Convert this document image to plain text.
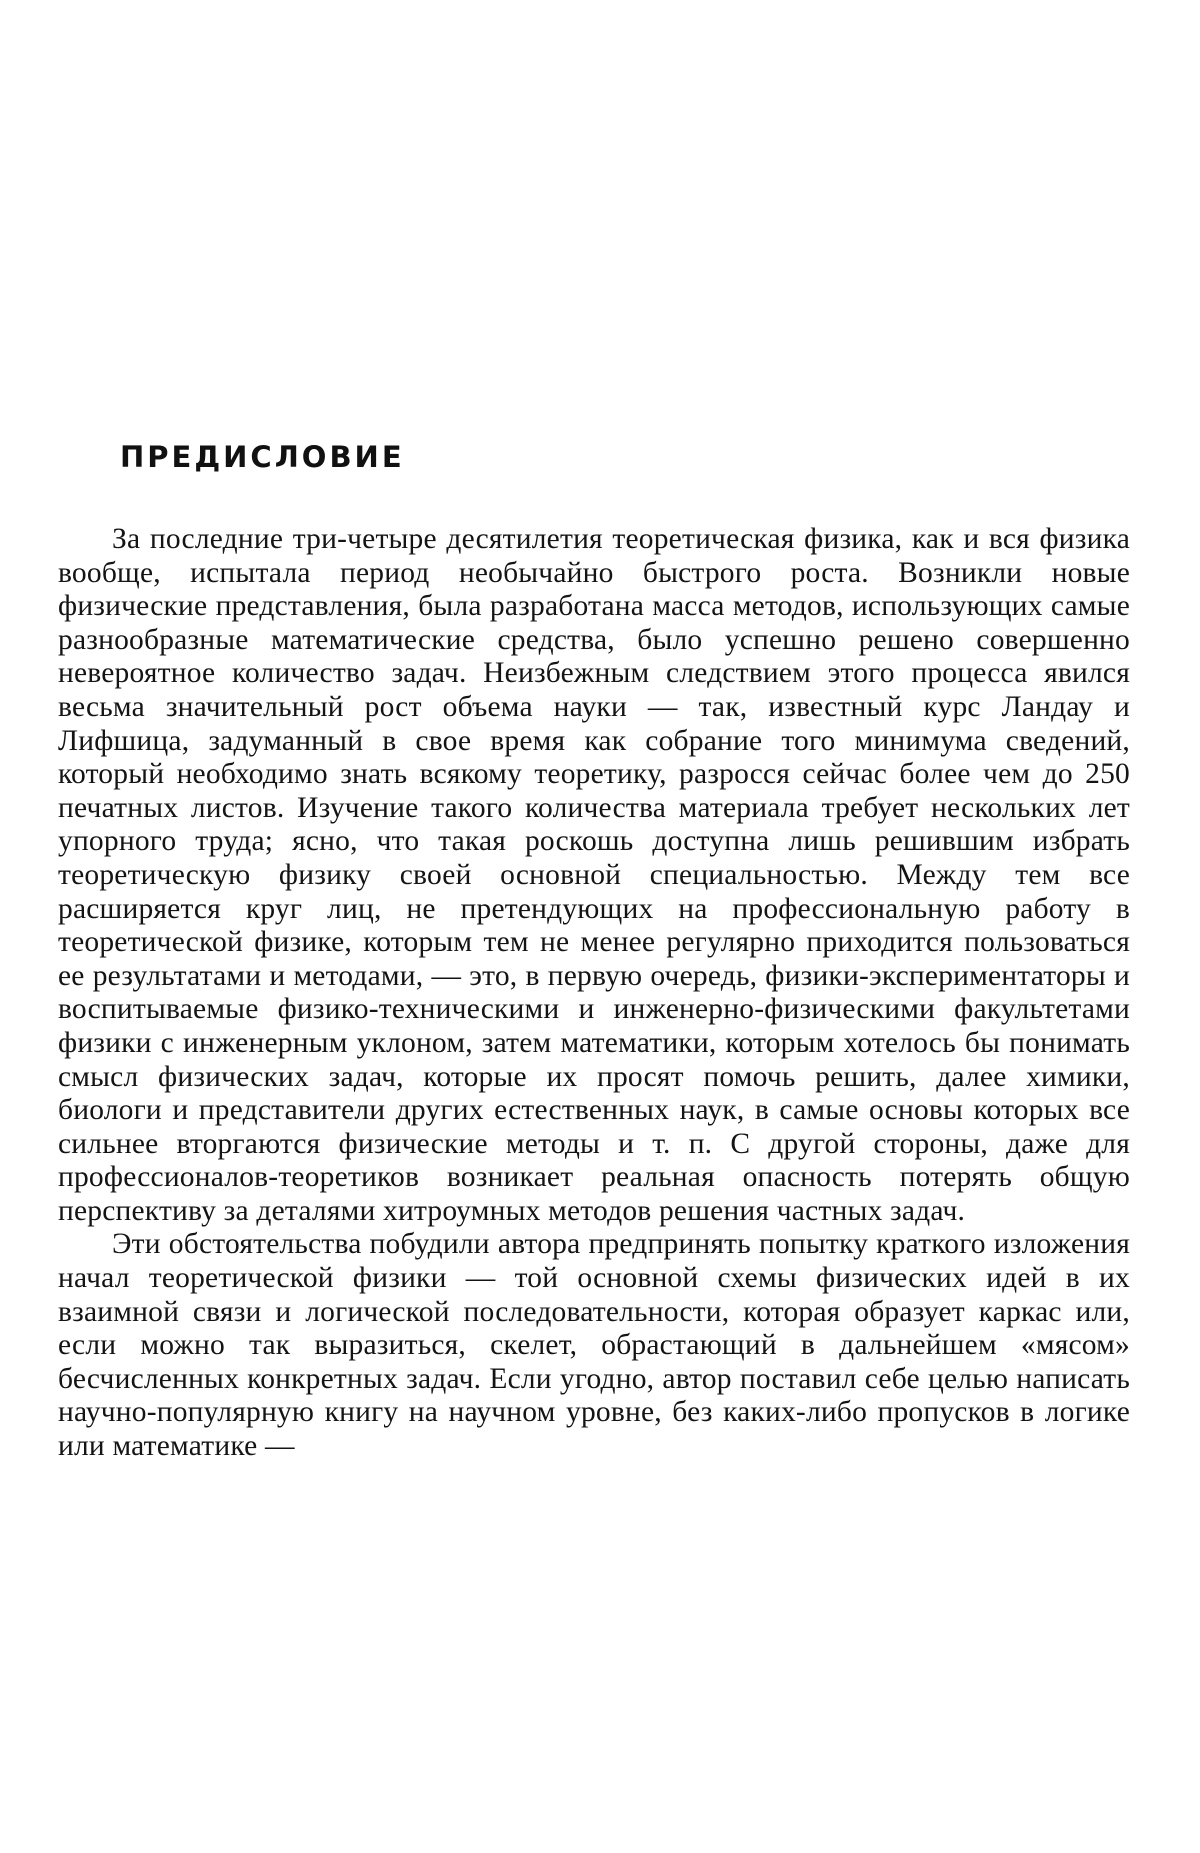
ПРЕДИСЛОВИЕ

За последние три-четыре десятилетия теоретическая физика, как и вся физика вообще, испытала период необычайно быстрого роста. Возникли новые физические представления, была разработана масса методов, использующих самые разнообразные математические средства, было успешно решено совершенно невероятное количество задач. Неизбежным следствием этого процесса явился весьма значительный рост объема науки — так, известный курс Ландау и Лифшица, задуманный в свое время как собрание того минимума сведений, который необходимо знать всякому теоретику, разросся сейчас более чем до 250 печатных листов. Изучение такого количества материала требует нескольких лет упорного труда; ясно, что такая роскошь доступна лишь решившим избрать теоретическую физику своей основной специальностью. Между тем все расширяется круг лиц, не претендующих на профессиональную работу в теоретической физике, которым тем не менее регулярно приходится пользоваться ее результатами и методами, — это, в первую очередь, физики-экспериментаторы и воспитываемые физико-техническими и инженерно-физическими факультетами физики с инженерным уклоном, затем математики, которым хотелось бы понимать смысл физических задач, которые их просят помочь решить, далее химики, биологи и представители других естественных наук, в самые основы которых все сильнее вторгаются физические методы и т. п. С другой стороны, даже для профессионалов-теоретиков возникает реальная опасность потерять общую перспективу за деталями хитроумных методов решения частных задач.

Эти обстоятельства побудили автора предпринять попытку краткого изложения начал теоретической физики — той основной схемы физических идей в их взаимной связи и логической последовательности, которая образует каркас или, если можно так выразиться, скелет, обрастающий в дальнейшем «мясом» бесчисленных конкретных задач. Если угодно, автор поставил себе целью написать научно-популярную книгу на научном уровне, без каких-либо пропусков в логике или математике —
